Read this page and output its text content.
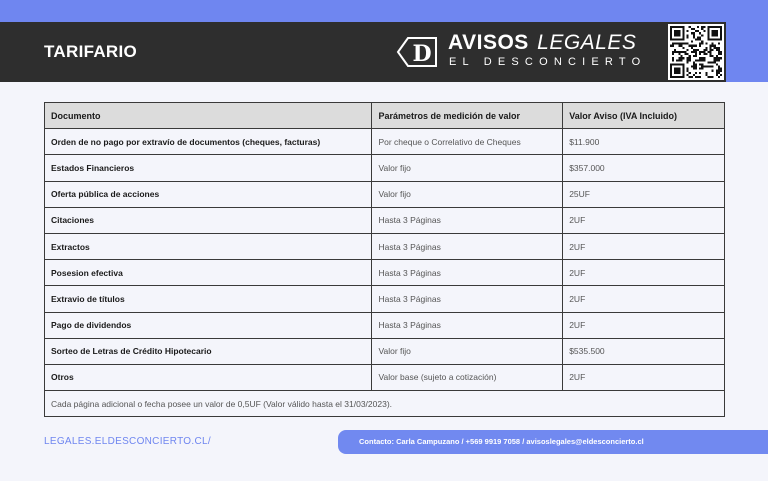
TARIFARIO	D AVISOS LEGALES
EL DESCONCIERTO
Documento	Parámetros de medición de valor	Valor Aviso (IVA Incluido)
Orden de no pago por extravío de documentos (cheques, facturas)	Por cheque o Correlativo de Cheques	$11.900
Estados Financieros	Valor fijo	$357.000
Oferta pública de acciones	Valor fijo	25UF
Citaciones	Hasta 3 Páginas	2UF
Extractos	Hasta 3 Páginas	2UF
Posesion efectiva	Hasta 3 Páginas	2UF
Extravio de títulos	Hasta 3 Páginas	2UF
Pago de dividendos	Hasta 3 Páginas	2UF
Sorteo de Letras de Crédito Hipotecario	Valor fijo	$535.500
Otros	Valor base (sujeto a cotización)	2UF
Cada página adicional o fecha posee un valor de 0,5UF (Valor válido hasta el 31/03/2023).		
LEGALES.ELDESCONCIERTO.CL/	Contacto: Carla Campuzano / +569 9919 7058 / avisoslegales@eldesconcierto.cl
